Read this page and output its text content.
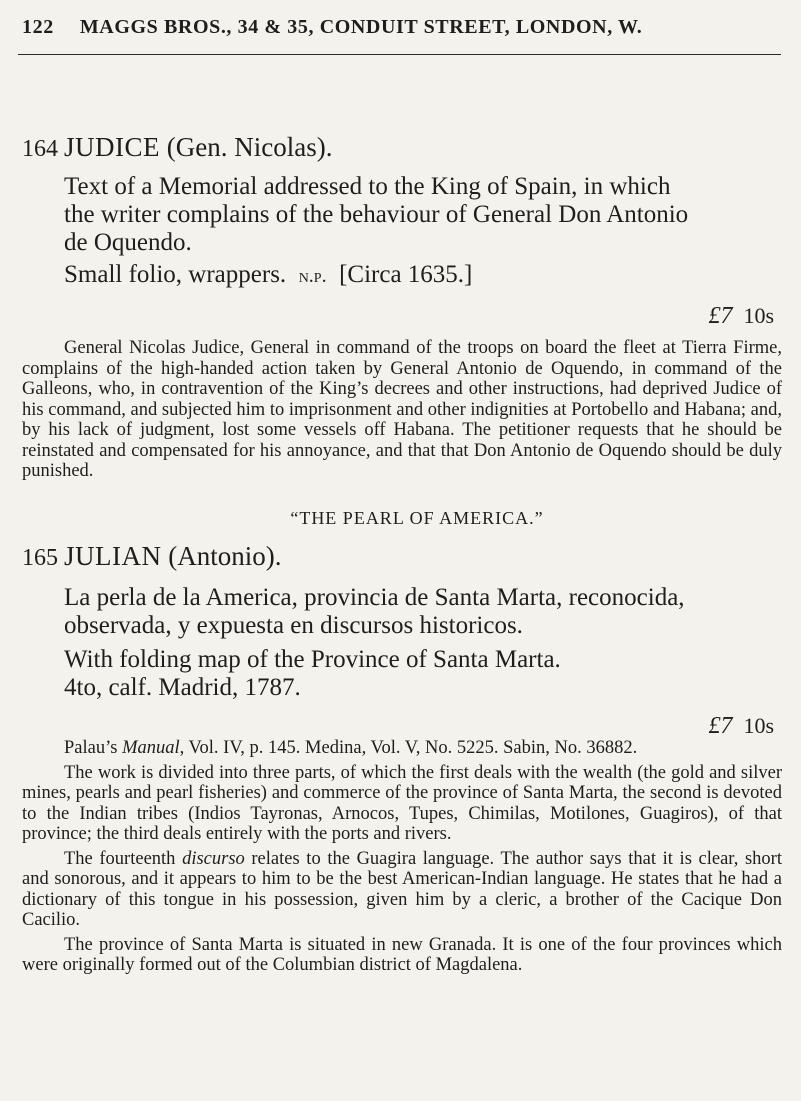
122 MAGGS BROS., 34 & 35, CONDUIT STREET, LONDON, W.
164 JUDICE (Gen. Nicolas).
Text of a Memorial addressed to the King of Spain, in which
the writer complains of the behaviour of General Don Antonio
de Oquendo.
Small folio, wrappers. n.p. [Circa 1635.]
£7 10s

General Nicolas Judice, General in command of the troops on board the fleet at Tierra Firme, complains of the high-handed action taken by General Antonio de Oquendo, in command of the Galleons, who, in contravention of the King’s decrees and other instructions, had deprived Judice of his command, and subjected him to imprisonment and other indignities at Portobello and Habana; and, by his lack of judgment, lost some vessels off Habana. The petitioner requests that he should be reinstated and compensated for his annoyance, and that that Don Antonio de Oquendo should be duly punished.

“THE PEARL OF AMERICA.”
165 JULIAN (Antonio).
La perla de la America, provincia de Santa Marta, reconocida,
observada, y expuesta en discursos historicos.
With folding map of the Province of Santa Marta.
4to, calf. Madrid, 1787.
£7 10s

Palau’s Manual, Vol. IV, p. 145. Medina, Vol. V, No. 5225. Sabin, No. 36882.

The work is divided into three parts, of which the first deals with the wealth (the gold and silver mines, pearls and pearl fisheries) and commerce of the province of Santa Marta, the second is devoted to the Indian tribes (Indios Tayronas, Arnocos, Tupes, Chimilas, Motilones, Guagiros), of that province; the third deals entirely with the ports and rivers.

The fourteenth discurso relates to the Guagira language. The author says that it is clear, short and sonorous, and it appears to him to be the best American-Indian language. He states that he had a dictionary of this tongue in his possession, given him by a cleric, a brother of the Cacique Don Cacilio.

The province of Santa Marta is situated in new Granada. It is one of the four provinces which were originally formed out of the Columbian district of Magdalena.
